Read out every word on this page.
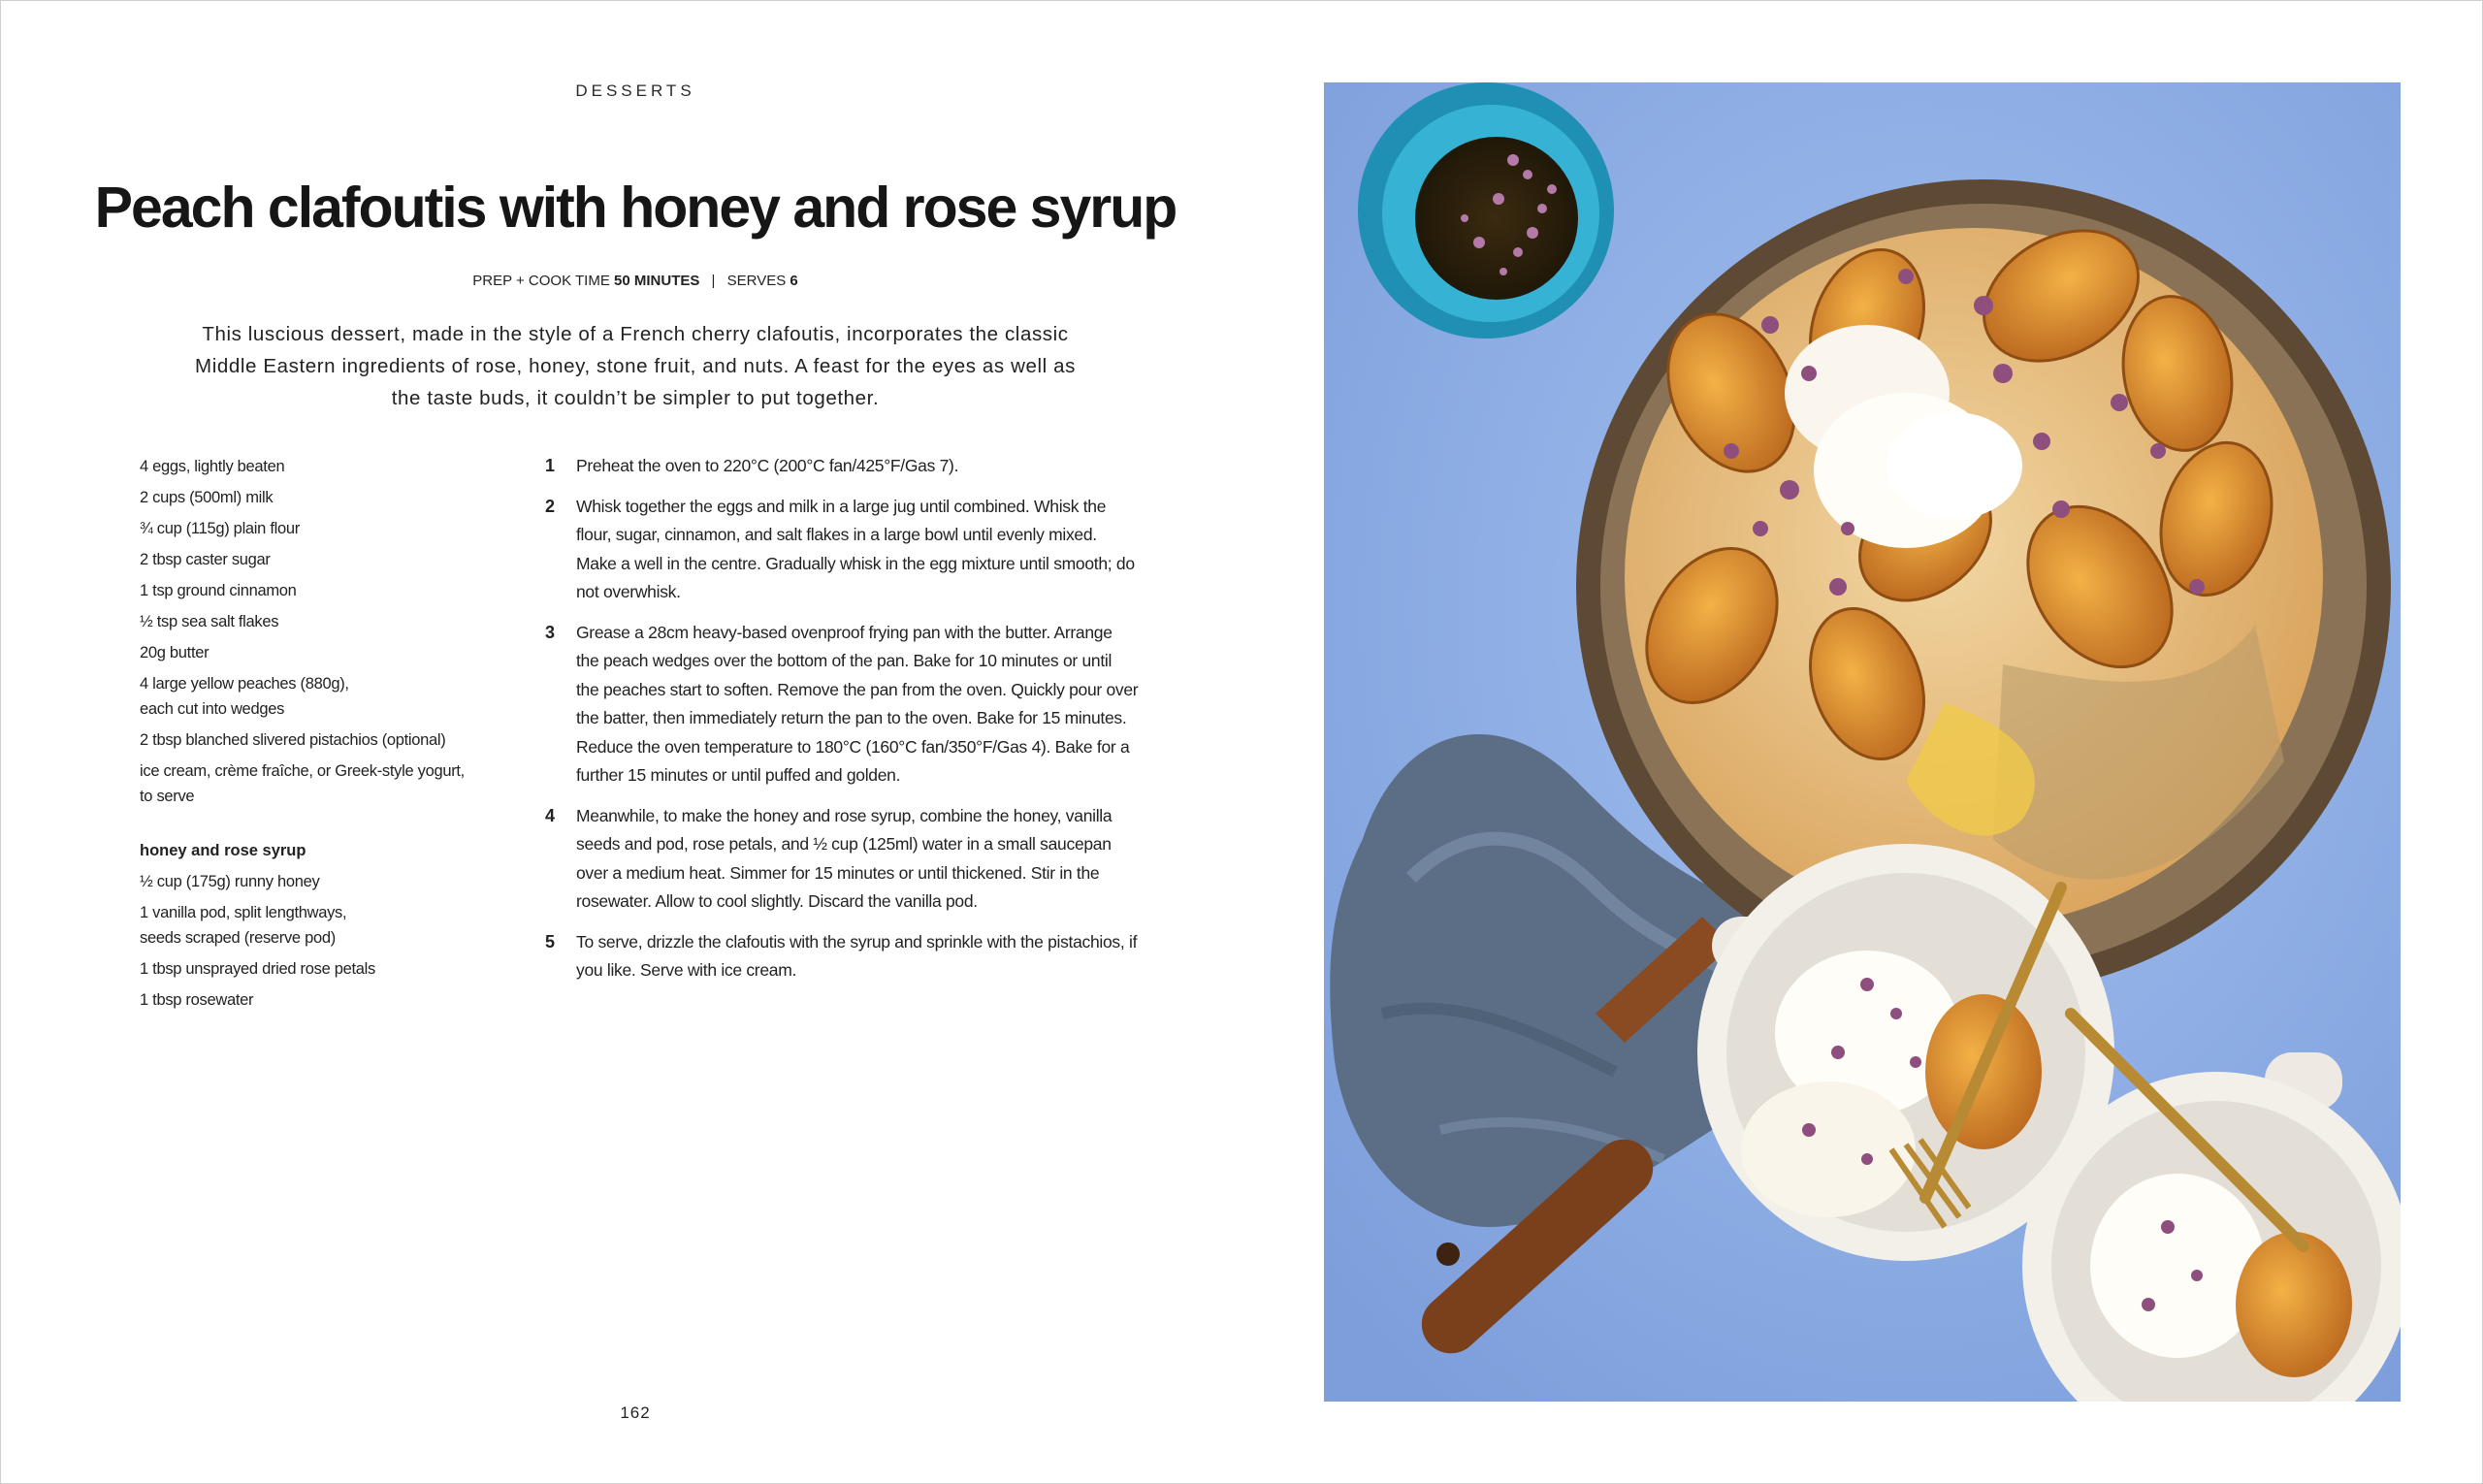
DESSERTS
Peach clafoutis with honey and rose syrup
PREP + COOK TIME 50 MINUTES | SERVES 6

This luscious dessert, made in the style of a French cherry clafoutis, incorporates the classic Middle Eastern ingredients of rose, honey, stone fruit, and nuts. A feast for the eyes as well as the taste buds, it couldn’t be simpler to put together.

4 eggs, lightly beaten
2 cups (500ml) milk
¾ cup (115g) plain flour
2 tbsp caster sugar
1 tsp ground cinnamon
½ tsp sea salt flakes
20g butter
4 large yellow peaches (880g), each cut into wedges
2 tbsp blanched slivered pistachios (optional)
ice cream, crème fraîche, or Greek-style yogurt, to serve
honey and rose syrup
½ cup (175g) runny honey
1 vanilla pod, split lengthways, seeds scraped (reserve pod)
1 tbsp unsprayed dried rose petals
1 tbsp rosewater
1 Preheat the oven to 220°C (200°C fan/425°F/Gas 7).
2 Whisk together the eggs and milk in a large jug until combined. Whisk the flour, sugar, cinnamon, and salt flakes in a large bowl until evenly mixed. Make a well in the centre. Gradually whisk in the egg mixture until smooth; do not overwhisk.
3 Grease a 28cm heavy-based ovenproof frying pan with the butter. Arrange the peach wedges over the bottom of the pan. Bake for 10 minutes or until the peaches start to soften. Remove the pan from the oven. Quickly pour over the batter, then immediately return the pan to the oven. Bake for 15 minutes. Reduce the oven temperature to 180°C (160°C fan/350°F/Gas 4). Bake for a further 15 minutes or until puffed and golden.
4 Meanwhile, to make the honey and rose syrup, combine the honey, vanilla seeds and pod, rose petals, and ½ cup (125ml) water in a small saucepan over a medium heat. Simmer for 15 minutes or until thickened. Stir in the rosewater. Allow to cool slightly. Discard the vanilla pod.
5 To serve, drizzle the clafoutis with the syrup and sprinkle with the pistachios, if you like. Serve with ice cream.
162
